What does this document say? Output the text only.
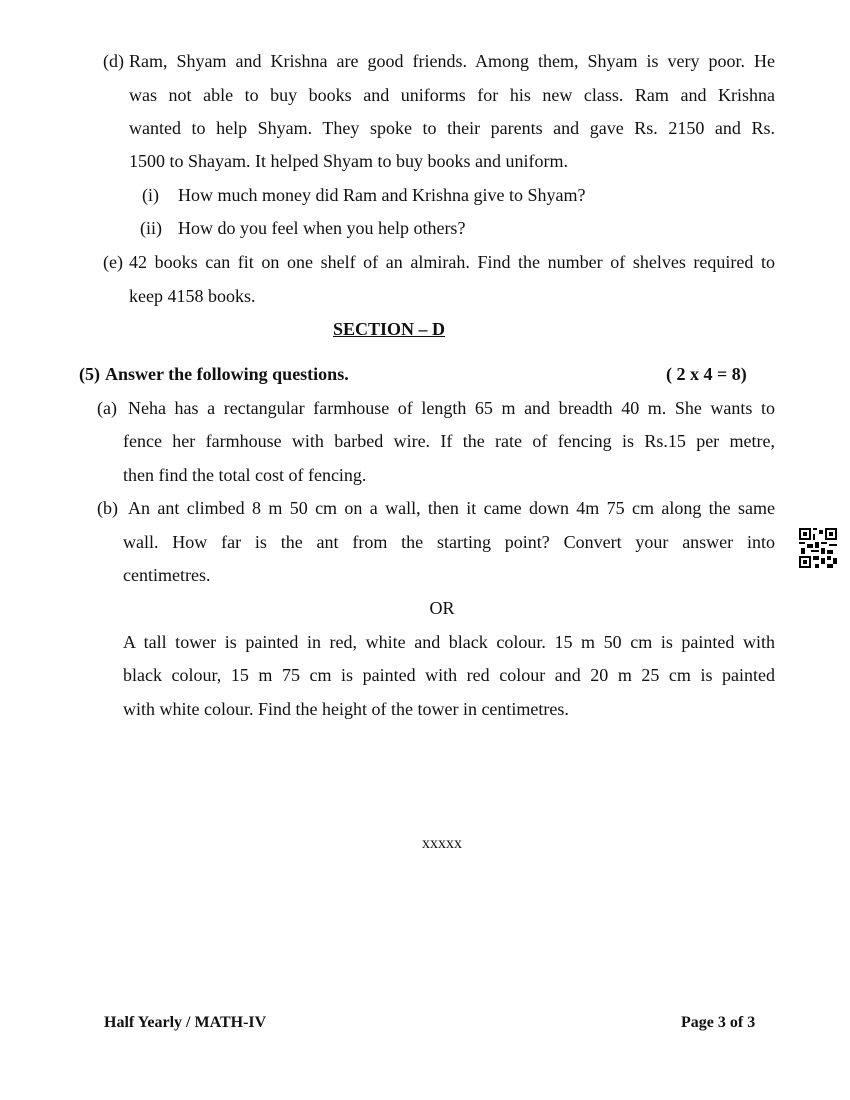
(d) Ram, Shyam and Krishna are good friends. Among them, Shyam is very poor. He
was not able to buy books and uniforms for his new class. Ram and Krishna
wanted to help Shyam. They spoke to their parents and gave Rs. 2150 and Rs.
1500 to Shayam. It helped Shyam to buy books and uniform.
(i) How much money did Ram and Krishna give to Shyam?
(ii) How do you feel when you help others?
(e) 42 books can fit on one shelf of an almirah. Find the number of shelves required to
keep 4158 books.
SECTION – D
(5) Answer the following questions.	( 2 x 4 = 8)
(a) Neha has a rectangular farmhouse of length 65 m and breadth 40 m. She wants to
fence her farmhouse with barbed wire. If the rate of fencing is Rs.15 per metre,
then find the total cost of fencing.
(b) An ant climbed 8 m 50 cm on a wall, then it came down 4m 75 cm along the same
wall. How far is the ant from the starting point? Convert your answer into
centimetres.
OR
A tall tower is painted in red, white and black colour. 15 m 50 cm is painted with
black colour, 15 m 75 cm is painted with red colour and 20 m 25 cm is painted
with white colour. Find the height of the tower in centimetres.
xxxxx
Half Yearly / MATH-IV	Page 3 of 3
